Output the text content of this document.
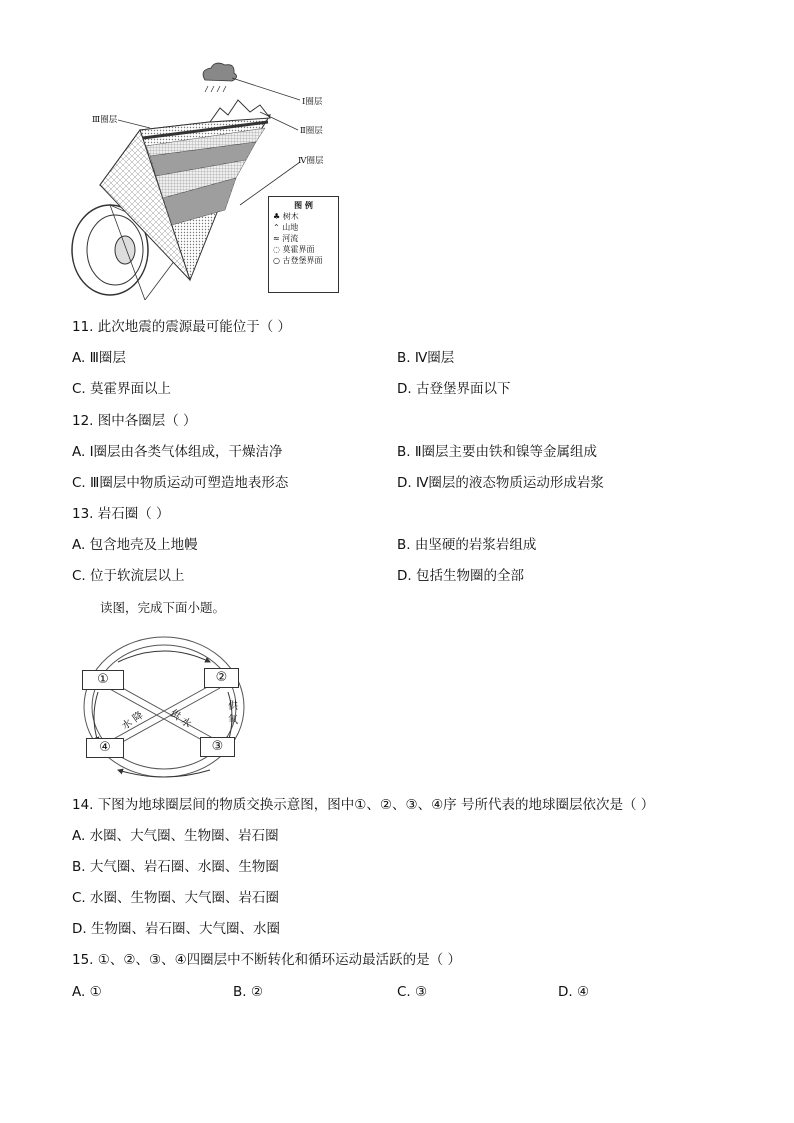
Ⅰ圈层
Ⅱ圈层
Ⅲ圈层
Ⅳ圈层
图 例
♣ 树木
⌃ 山地
≈ 河流
◌ 莫霍界面
○ 古登堡界面
11. 此次地震的震源最可能位于（ ）
A. Ⅲ圈层	B. Ⅳ圈层
C. 莫霍界面以上	D. 古登堡界面以下
12. 图中各圈层（ ）
A. Ⅰ圈层由各类气体组成，干燥洁净	B. Ⅱ圈层主要由铁和镍等金属组成
C. Ⅲ圈层中物质运动可塑造地表形态	D. Ⅳ圈层的液态物质运动形成岩浆
13. 岩石圈（ ）
A. 包含地壳及上地幔	B. 由坚硬的岩浆岩组成
C. 位于软流层以上	D. 包括生物圈的全部
读图，完成下面小题。
①	②
④	③
水 降 供 水
供 氧
14. 下图为地球圈层间的物质交换示意图，图中①、②、③、④序 号所代表的地球圈层依次是（ ）
A. 水圈、大气圈、生物圈、岩石圈
B. 大气圈、岩石圈、水圈、生物圈
C. 水圈、生物圈、大气圈、岩石圈
D. 生物圈、岩石圈、大气圈、水圈
15. ①、②、③、④四圈层中不断转化和循环运动最活跃的是（ ）
A. ①	B. ②	C. ③	D. ④
